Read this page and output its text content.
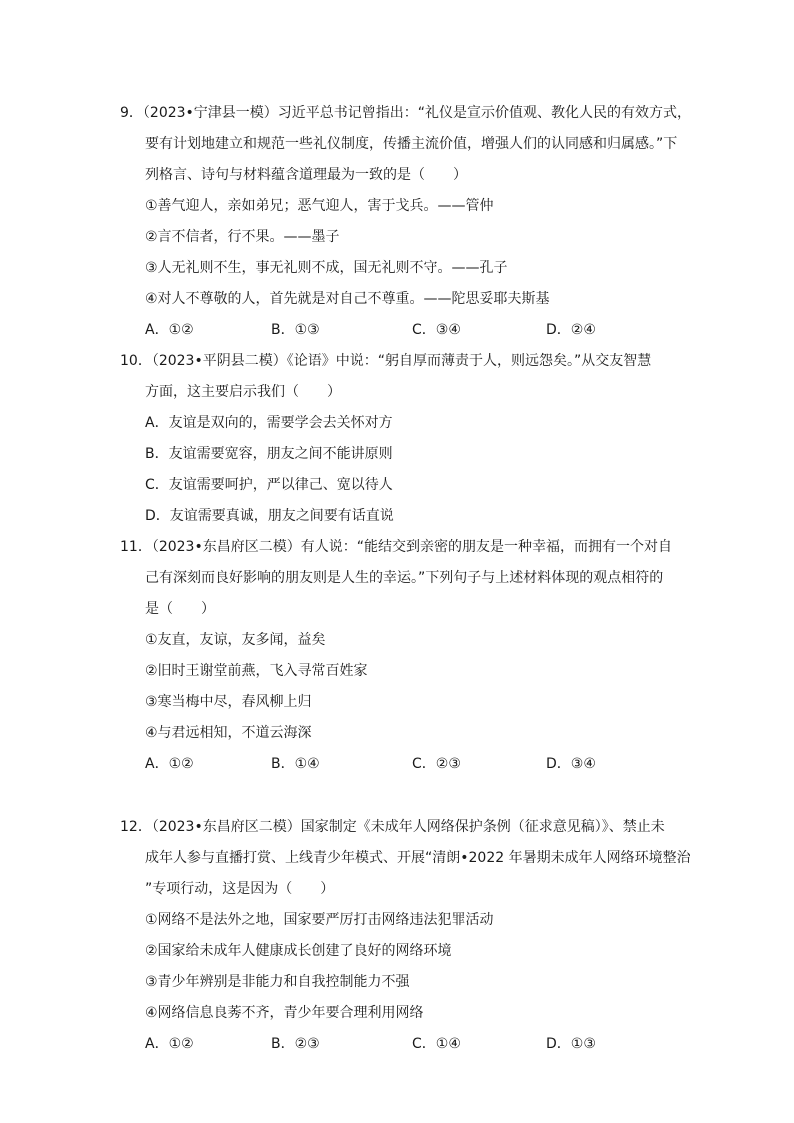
9．（2023•宁津县一模）习近平总书记曾指出：“礼仪是宣示价值观、教化人民的有效方式，
要有计划地建立和规范一些礼仪制度，传播主流价值，增强人们的认同感和归属感。”下
列格言、诗句与材料蕴含道理最为一致的是（　　）
①善气迎人，亲如弟兄；恶气迎人，害于戈兵。——管仲
②言不信者，行不果。——墨子
③人无礼则不生，事无礼则不成，国无礼则不守。——孔子
④对人不尊敬的人，首先就是对自己不尊重。——陀思妥耶夫斯基
A．①②	B．①③	C．③④	D．②④
10．（2023•平阴县二模）《论语》中说：“躬自厚而薄责于人，则远怨矣。”从交友智慧
方面，这主要启示我们（　　）
A．友谊是双向的，需要学会去关怀对方
B．友谊需要宽容，朋友之间不能讲原则
C．友谊需要呵护，严以律己、宽以待人
D．友谊需要真诚，朋友之间要有话直说
11．（2023•东昌府区二模）有人说：“能结交到亲密的朋友是一种幸福，而拥有一个对自
己有深刻而良好影响的朋友则是人生的幸运。”下列句子与上述材料体现的观点相符的
是（　　）
①友直，友谅，友多闻，益矣
②旧时王谢堂前燕，飞入寻常百姓家
③寒当梅中尽，春风柳上归
④与君远相知，不道云海深
A．①②	B．①④	C．②③	D．③④
12．（2023•东昌府区二模）国家制定《未成年人网络保护条例（征求意见稿）》、禁止未
成年人参与直播打赏、上线青少年模式、开展“清朗•2022 年暑期未成年人网络环境整治
”专项行动，这是因为（　　）
①网络不是法外之地，国家要严厉打击网络违法犯罪活动
②国家给未成年人健康成长创建了良好的网络环境
③青少年辨别是非能力和自我控制能力不强
④网络信息良莠不齐，青少年要合理利用网络
A．①②	B．②③	C．①④	D．①③
